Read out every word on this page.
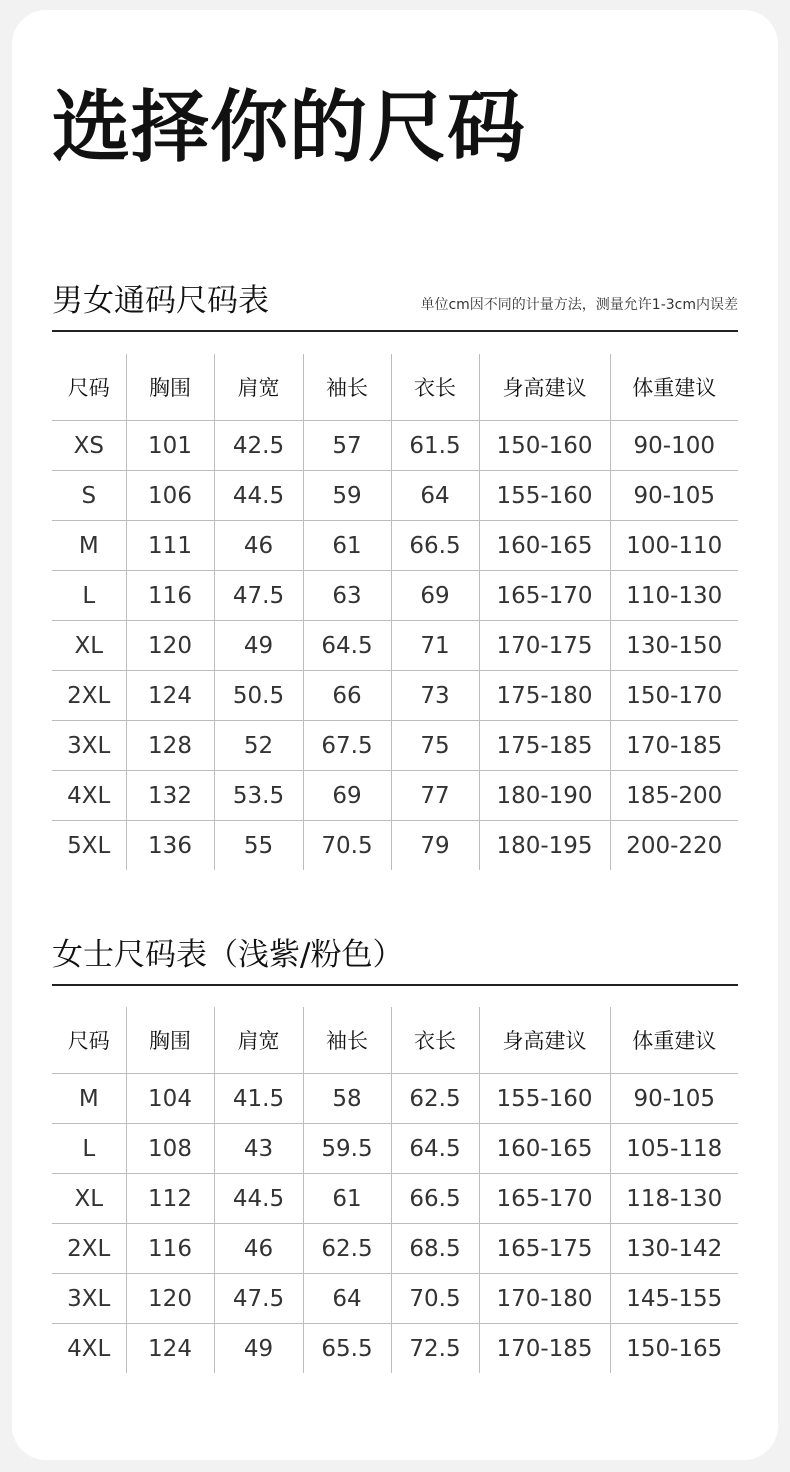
选择你的尺码
男女通码尺码表	单位cm因不同的计量方法，测量允许1-3cm内误差
尺码	胸围	肩宽	袖长	衣长	身高建议	体重建议
XS	101	42.5	57	61.5	150-160	90-100
S	106	44.5	59	64	155-160	90-105
M	111	46	61	66.5	160-165	100-110
L	116	47.5	63	69	165-170	110-130
XL	120	49	64.5	71	170-175	130-150
2XL	124	50.5	66	73	175-180	150-170
3XL	128	52	67.5	75	175-185	170-185
4XL	132	53.5	69	77	180-190	185-200
5XL	136	55	70.5	79	180-195	200-220
女士尺码表（浅紫/粉色）
尺码	胸围	肩宽	袖长	衣长	身高建议	体重建议
M	104	41.5	58	62.5	155-160	90-105
L	108	43	59.5	64.5	160-165	105-118
XL	112	44.5	61	66.5	165-170	118-130
2XL	116	46	62.5	68.5	165-175	130-142
3XL	120	47.5	64	70.5	170-180	145-155
4XL	124	49	65.5	72.5	170-185	150-165
